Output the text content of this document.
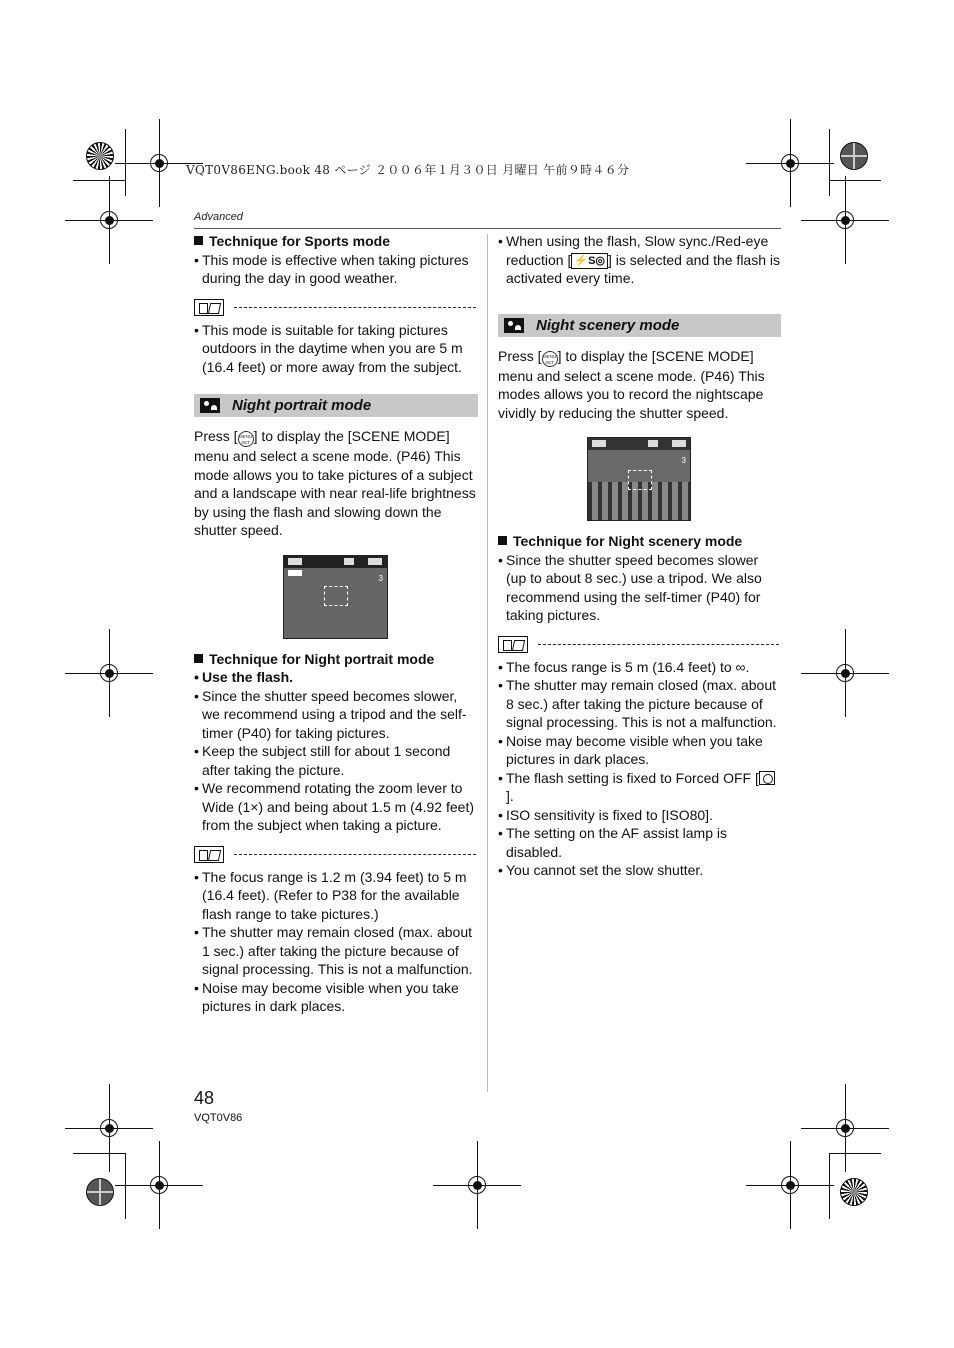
VQT0V86ENG.book 48 ページ ２００６年１月３０日 月曜日 午前９時４６分
Advanced

Technique for Sports mode

• This mode is effective when taking pictures during the day in good weather.
• This mode is suitable for taking pictures outdoors in the daytime when you are 5 m (16.4 feet) or more away from the subject.
Night portrait mode

Press [MENU
SET ] to display the [SCENE MODE] menu and select a scene mode. (P46) This mode allows you to take pictures of a subject and a landscape with near real-life brightness by using the flash and slowing down the shutter speed.

3

Technique for Night portrait mode

• Use the flash.
• Since the shutter speed becomes slower, we recommend using a tripod and the self-timer (P40) for taking pictures.
• Keep the subject still for about 1 second after taking the picture.
• We recommend rotating the zoom lever to Wide (1×) and being about 1.5 m (4.92 feet) from the subject when taking a picture.
• The focus range is 1.2 m (3.94 feet) to 5 m (16.4 feet). (Refer to P38 for the available flash range to take pictures.)
• The shutter may remain closed (max. about 1 sec.) after taking the picture because of signal processing. This is not a malfunction.
• Noise may become visible when you take pictures in dark places.
• When using the flash, Slow sync./Red-eye reduction [ ⚡S◎ ] is selected and the flash is activated every time.
Night scenery mode

Press [MENU
SET ] to display the [SCENE MODE] menu and select a scene mode. (P46) This modes allows you to record the nightscape vividly by reducing the shutter speed.

3

Technique for Night scenery mode

• Since the shutter speed becomes slower (up to about 8 sec.) use a tripod. We also recommend using the self-timer (P40) for taking pictures.
• The focus range is 5 m (16.4 feet) to ∞.
• The shutter may remain closed (max. about 8 sec.) after taking the picture because of signal processing. This is not a malfunction.
• Noise may become visible when you take pictures in dark places.
• The flash setting is fixed to Forced OFF [].
• ISO sensitivity is fixed to [ISO80].
• The setting on the AF assist lamp is disabled.
• You cannot set the slow shutter.
48
VQT0V86
